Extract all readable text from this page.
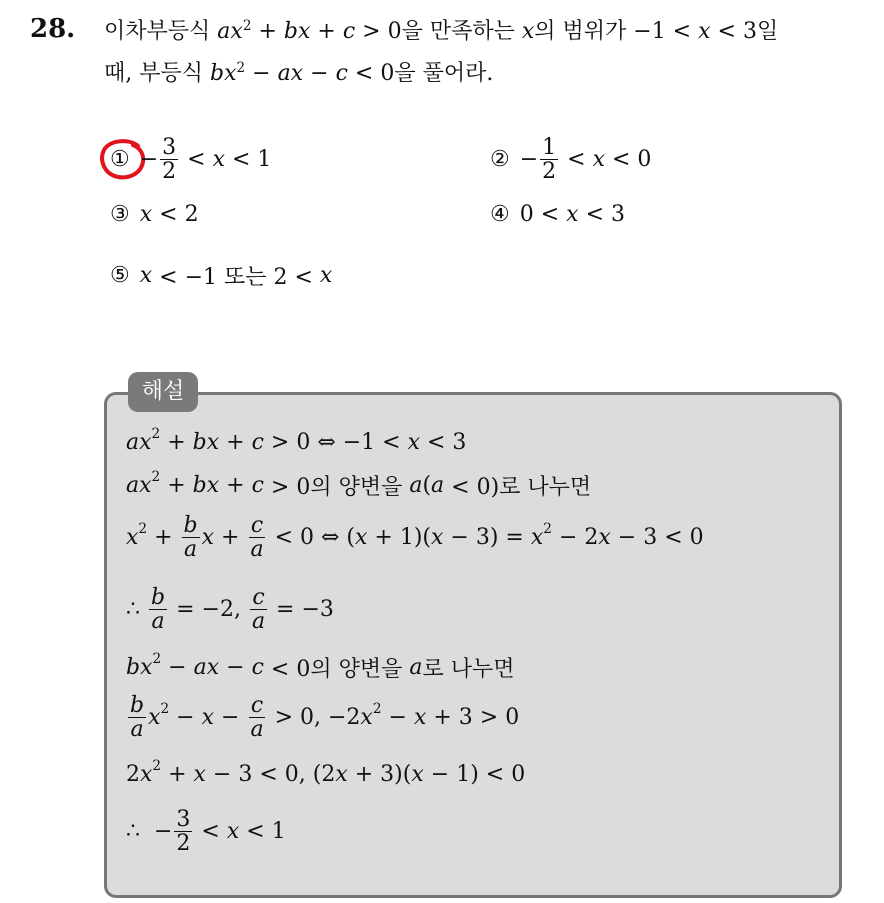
28. 이차부등식 $ax^2$ + bx + c > 0을 만족하는 x의 범위가 −1 < x < 3일
때, 부등식 $bx^2$ − ax − c < 0을 풀어라.
① − $\frac{3}{2} < x < 1$	② − $\frac{1}{2} < x < 0$
③ x < 2	④ 0 < x < 3
⑤ x < −1 또는 2 < x
해설
a $x^2 + b$ x + c > 0 ⇔ −1 < x < 3
a $x^2 + b$ x + c > 0의 양변을 a ( a < 0)로 나누면
$x^2 + \frac{b}{a}$ $x + \frac{c}{a} < 0$ ⇔ ( x + 1)( $x - 3) = x^2 - 2$ x − 3 < 0
∴ $\frac{b}{a} = -2$, $\frac{c}{a} = -3$
b $x^2 - a$ x − c < 0의 양변을 a 로 나누면
$\frac{b}{a} x^2 - x - \frac{c}{a} > 0$, −2 $x^2 - x + 3 > 0$
2 $x^2 + x - 3 < 0$, (2 x + 3)( x − 1) < 0
∴  − $\frac{3}{2} < x < 1$
